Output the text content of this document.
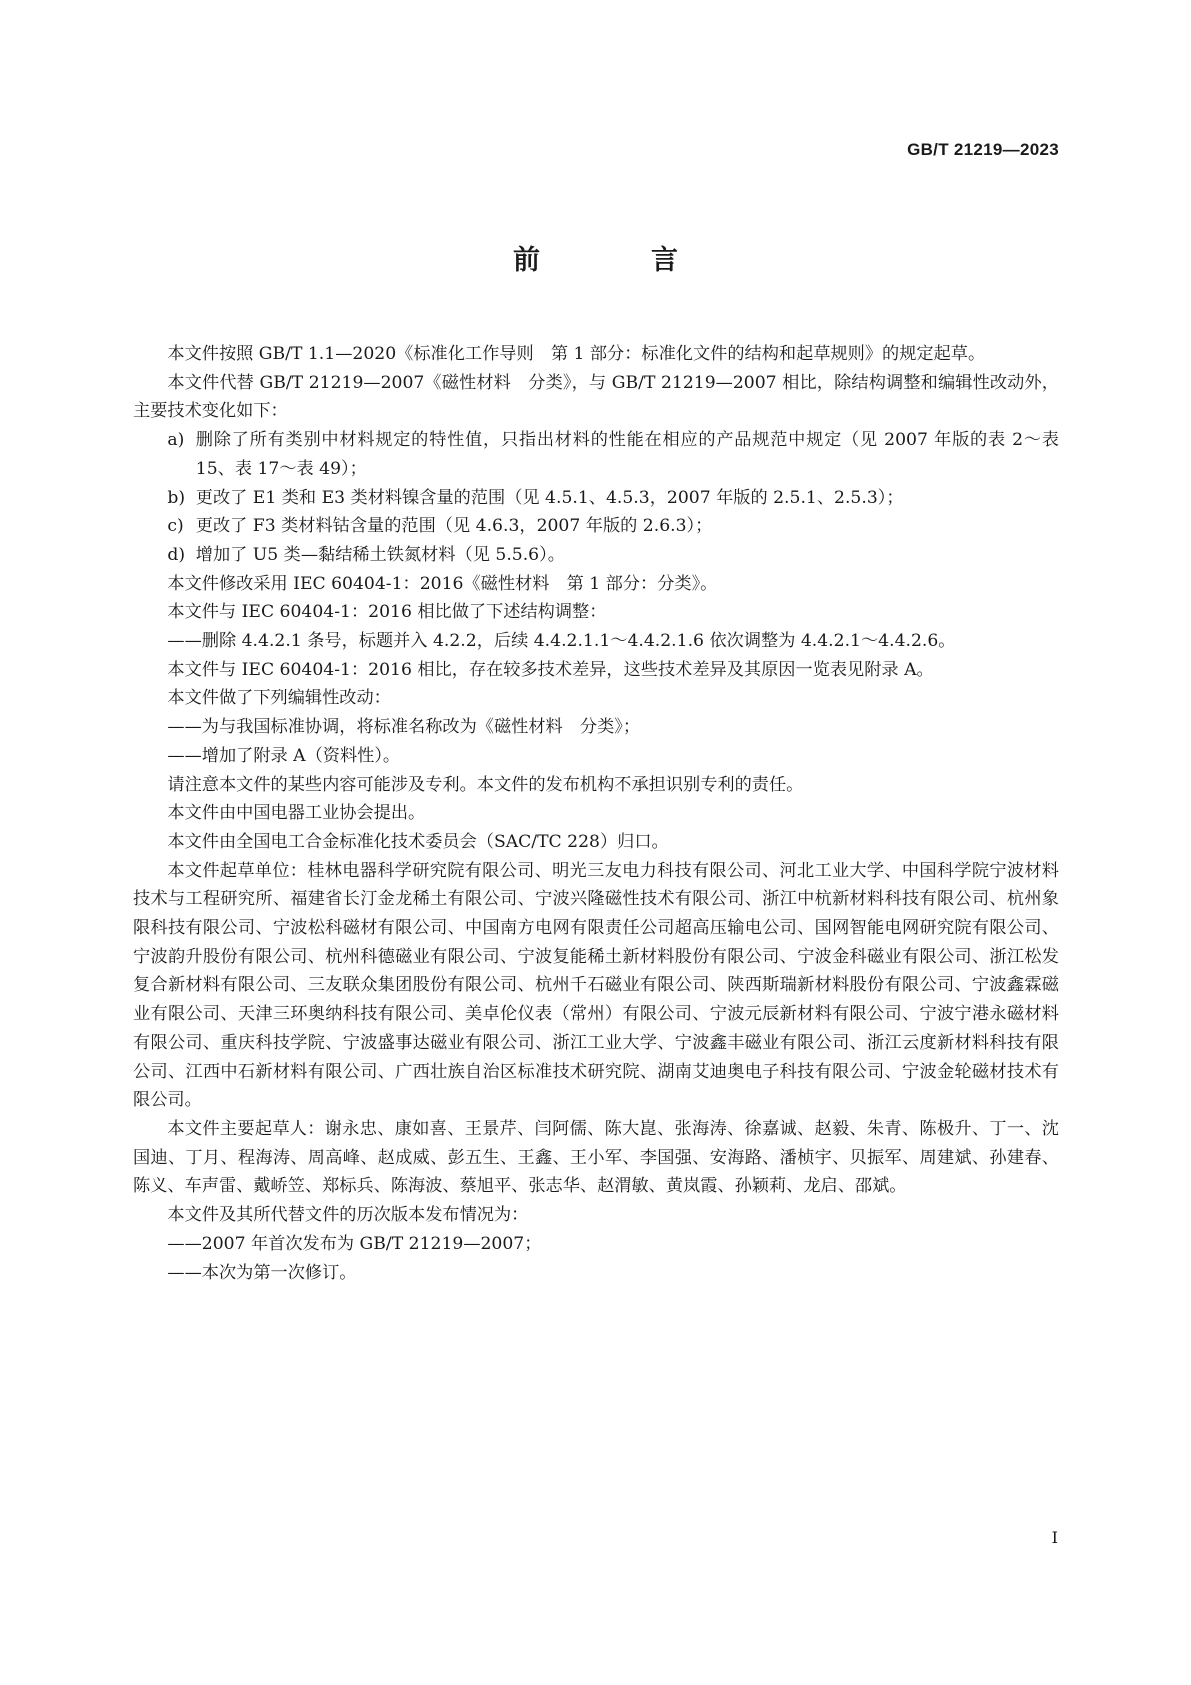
GB/T 21219—2023
前　言

本文件按照 GB/T 1.1—2020《标准化工作导则　第 1 部分：标准化文件的结构和起草规则》的规定起草。

本文件代替 GB/T 21219—2007《磁性材料　分类》，与 GB/T 21219—2007 相比，除结构调整和编辑性改动外，主要技术变化如下：

a) 删除了所有类别中材料规定的特性值，只指出材料的性能在相应的产品规范中规定（见 2007 年版的表 2～表 15、表 17～表 49）；

b) 更改了 E1 类和 E3 类材料镍含量的范围（见 4.5.1、4.5.3，2007 年版的 2.5.1、2.5.3）；

c) 更改了 F3 类材料钴含量的范围（见 4.6.3，2007 年版的 2.6.3）；

d) 增加了 U5 类—黏结稀土铁氮材料（见 5.5.6）。

本文件修改采用 IEC 60404-1：2016《磁性材料　第 1 部分：分类》。

本文件与 IEC 60404-1：2016 相比做了下述结构调整：

——删除 4.4.2.1 条号，标题并入 4.2.2，后续 4.4.2.1.1～4.4.2.1.6 依次调整为 4.4.2.1～4.4.2.6。

本文件与 IEC 60404-1：2016 相比，存在较多技术差异，这些技术差异及其原因一览表见附录 A。

本文件做了下列编辑性改动：

——为与我国标准协调，将标准名称改为《磁性材料　分类》；

——增加了附录 A（资料性）。

请注意本文件的某些内容可能涉及专利。本文件的发布机构不承担识别专利的责任。

本文件由中国电器工业协会提出。

本文件由全国电工合金标准化技术委员会（SAC/TC 228）归口。

本文件起草单位：桂林电器科学研究院有限公司、明光三友电力科技有限公司、河北工业大学、中国科学院宁波材料技术与工程研究所、福建省长汀金龙稀土有限公司、宁波兴隆磁性技术有限公司、浙江中杭新材料科技有限公司、杭州象限科技有限公司、宁波松科磁材有限公司、中国南方电网有限责任公司超高压输电公司、国网智能电网研究院有限公司、宁波韵升股份有限公司、杭州科德磁业有限公司、宁波复能稀土新材料股份有限公司、宁波金科磁业有限公司、浙江松发复合新材料有限公司、三友联众集团股份有限公司、杭州千石磁业有限公司、陕西斯瑞新材料股份有限公司、宁波鑫霖磁业有限公司、天津三环奥纳科技有限公司、美卓伦仪表（常州）有限公司、宁波元辰新材料有限公司、宁波宁港永磁材料有限公司、重庆科技学院、宁波盛事达磁业有限公司、浙江工业大学、宁波鑫丰磁业有限公司、浙江云度新材料科技有限公司、江西中石新材料有限公司、广西壮族自治区标准技术研究院、湖南艾迪奥电子科技有限公司、宁波金轮磁材技术有限公司。

本文件主要起草人：谢永忠、康如喜、王景芹、闫阿儒、陈大崑、张海涛、徐嘉诚、赵毅、朱青、陈极升、丁一、沈国迪、丁月、程海涛、周高峰、赵成威、彭五生、王鑫、王小军、李国强、安海路、潘桢宇、贝振军、周建斌、孙建春、陈义、车声雷、戴峤笠、郑标兵、陈海波、蔡旭平、张志华、赵渭敏、黄岚霞、孙颖莉、龙启、邵斌。

本文件及其所代替文件的历次版本发布情况为：

——2007 年首次发布为 GB/T 21219—2007；

——本次为第一次修订。

I
